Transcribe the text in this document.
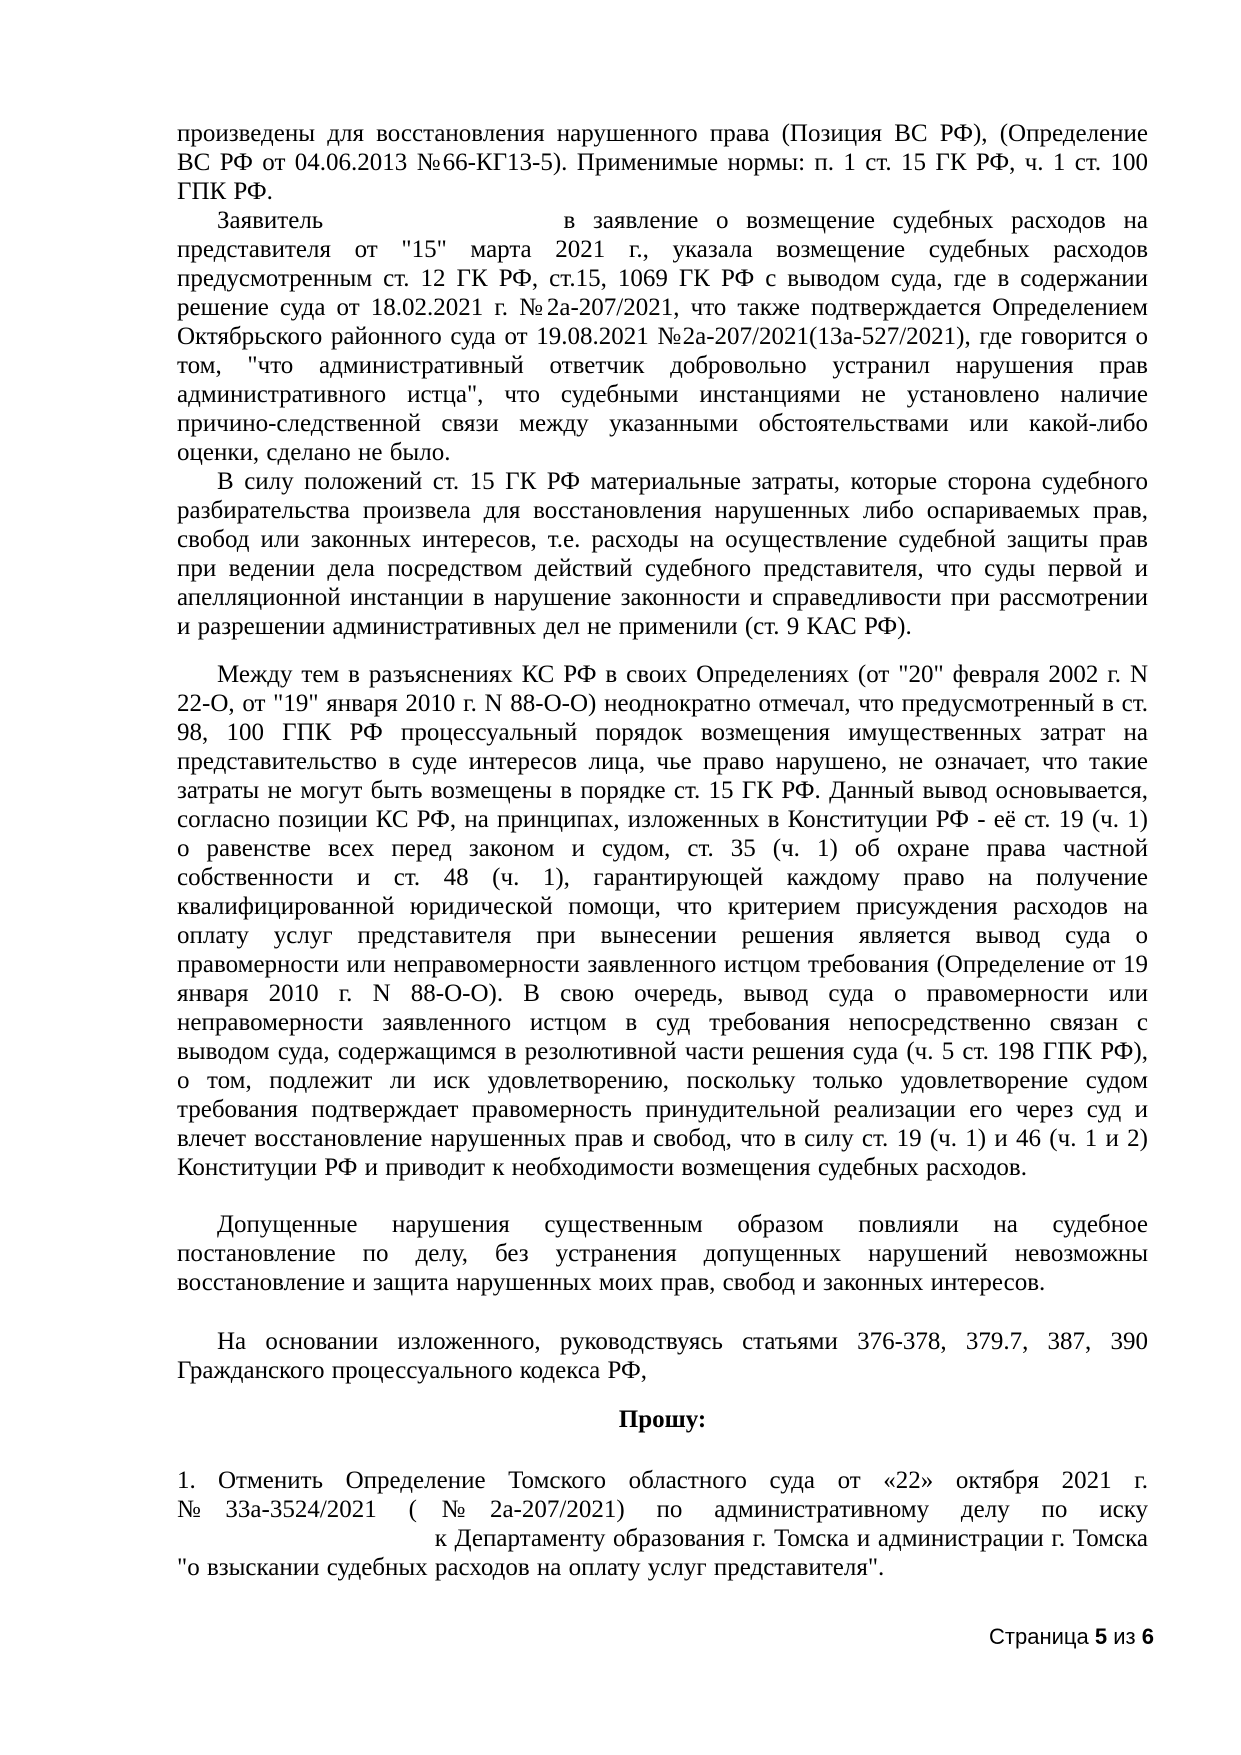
произведены для восстановления нарушенного права (Позиция ВС РФ), (Определение ВС РФ от 04.06.2013 №66-КГ13-5). Применимые нормы: п. 1 ст. 15 ГК РФ, ч. 1 ст. 100 ГПК РФ.

Заявитель	в заявление о возмещение судебных расходов на представителя от "15" марта 2021 г., указала возмещение судебных расходов предусмотренным ст. 12 ГК РФ, ст.15, 1069 ГК РФ с выводом суда, где в содержании решение суда от 18.02.2021 г. №2а-207/2021, что также подтверждается Определением Октябрьского районного суда от 19.08.2021 №2а-207/2021(13а-527/2021), где говорится о том, "что административный ответчик добровольно устранил нарушения прав административного истца", что судебными инстанциями не установлено наличие причино-следственной связи между указанными обстоятельствами или какой-либо оценки, сделано не было.

В силу положений ст. 15 ГК РФ материальные затраты, которые сторона судебного разбирательства произвела для восстановления нарушенных либо оспариваемых прав, свобод или законных интересов, т.е. расходы на осуществление судебной защиты прав при ведении дела посредством действий судебного представителя, что суды первой и апелляционной инстанции в нарушение законности и справедливости при рассмотрении и разрешении административных дел не применили (ст. 9 КАС РФ).

Между тем в разъяснениях КС РФ в своих Определениях (от "20" февраля 2002 г. N 22-О, от "19" января 2010 г. N 88-О-О) неоднократно отмечал, что предусмотренный в ст. 98, 100 ГПК РФ процессуальный порядок возмещения имущественных затрат на представительство в суде интересов лица, чье право нарушено, не означает, что такие затраты не могут быть возмещены в порядке ст. 15 ГК РФ. Данный вывод основывается, согласно позиции КС РФ, на принципах, изложенных в Конституции РФ - её ст. 19 (ч. 1) о равенстве всех перед законом и судом, ст. 35 (ч. 1) об охране права частной собственности и ст. 48 (ч. 1), гарантирующей каждому право на получение квалифицированной юридической помощи, что критерием присуждения расходов на оплату услуг представителя при вынесении решения является вывод суда о правомерности или неправомерности заявленного истцом требования (Определение от 19 января 2010 г. N 88-О-О). В свою очередь, вывод суда о правомерности или неправомерности заявленного истцом в суд требования непосредственно связан с выводом суда, содержащимся в резолютивной части решения суда (ч. 5 ст. 198 ГПК РФ), о том, подлежит ли иск удовлетворению, поскольку только удовлетворение судом требования подтверждает правомерность принудительной реализации его через суд и влечет восстановление нарушенных прав и свобод, что в силу ст. 19 (ч. 1) и 46 (ч. 1 и 2) Конституции РФ и приводит к необходимости возмещения судебных расходов.

Допущенные нарушения существенным образом повлияли на судебное постановление по делу, без устранения допущенных нарушений невозможны восстановление и защита нарушенных моих прав, свобод и законных интересов.

На основании изложенного, руководствуясь статьями 376-378, 379.7, 387, 390 Гражданского процессуального кодекса РФ,

Прошу:

1. Отменить Определение Томского областного суда от «22» октября 2021 г. №33а-3524/2021 (№2а-207/2021) по административному делу по иску  к Департаменту образования г. Томска и администрации г. Томска "о взыскании судебных расходов на оплату услуг представителя".

Страница 5 из 6
